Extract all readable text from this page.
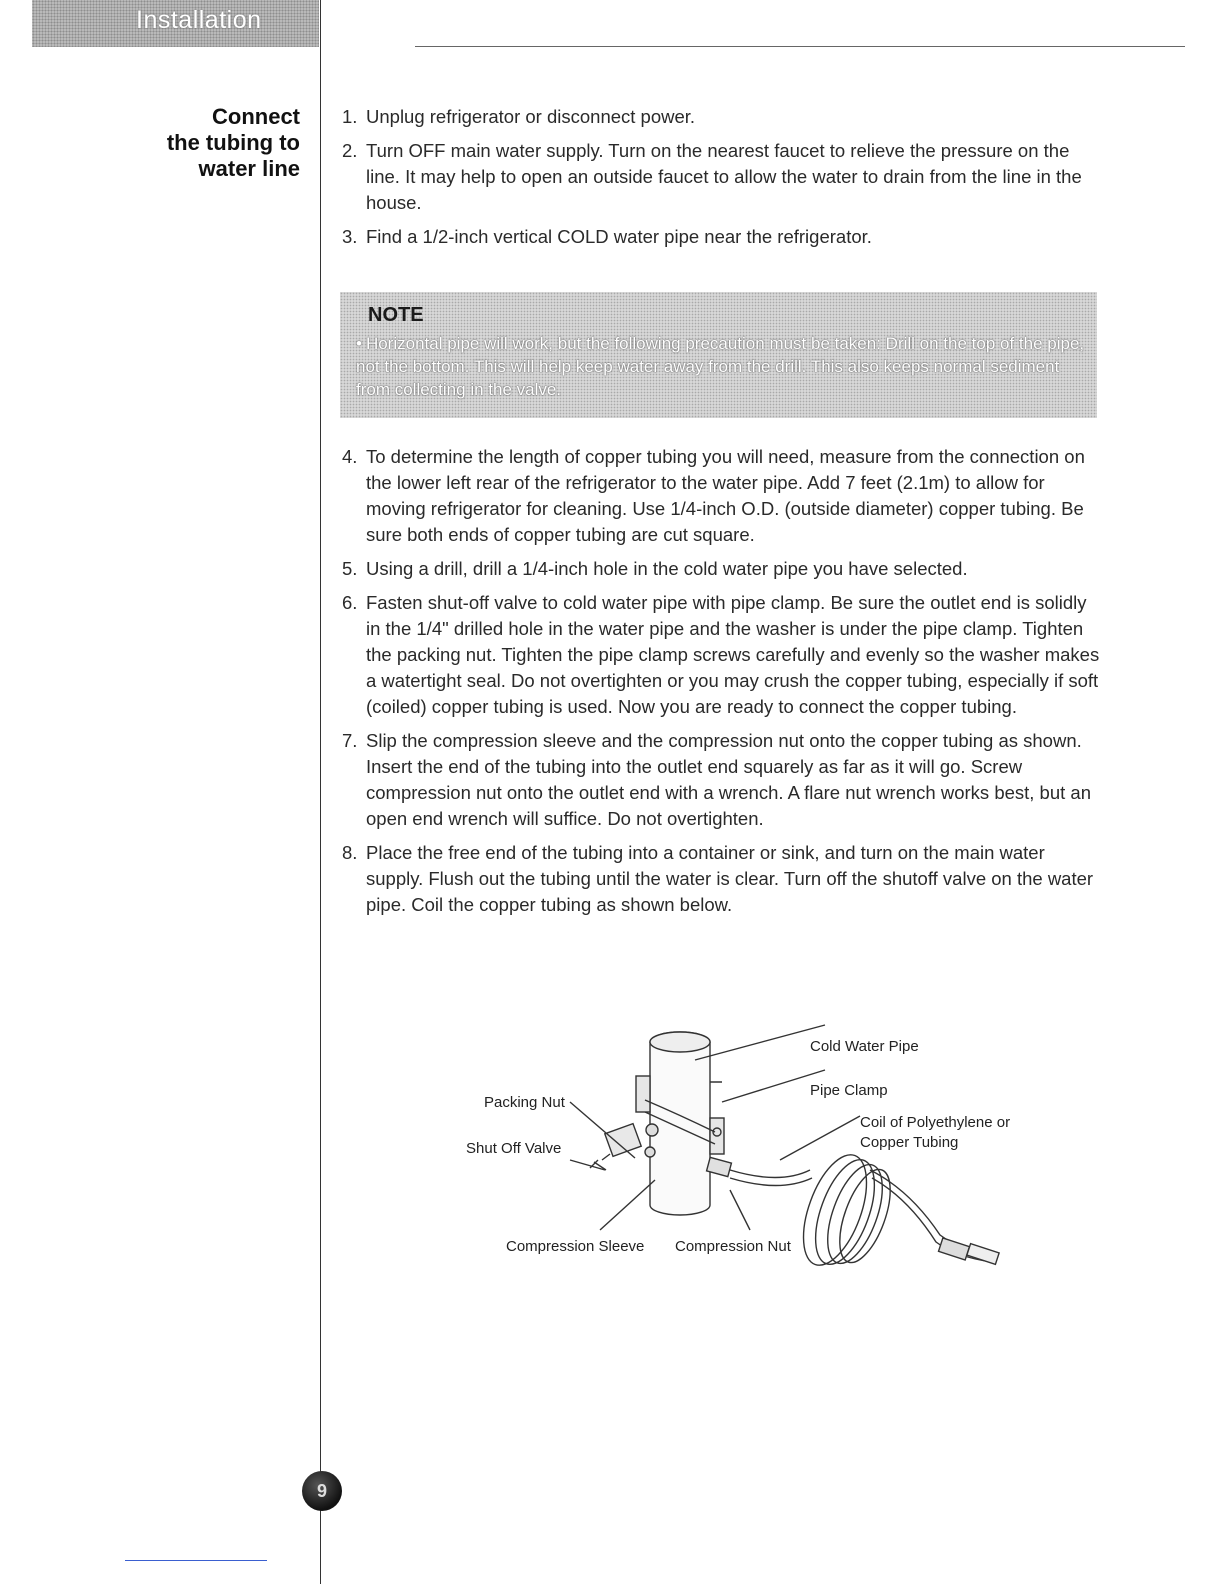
Installation
Connect
the tubing to
water line
1. Unplug refrigerator or disconnect power.
2. Turn OFF main water supply. Turn on the nearest faucet to relieve the pressure on the line. It may help to open an outside faucet to allow the water to drain from the line in the house.
3. Find a 1/2-inch vertical COLD water pipe near the refrigerator.
NOTE
• Horizontal pipe will work, but the following precaution must be taken: Drill on the top of the pipe, not the bottom. This will help keep water away from the drill. This also keeps normal sediment from collecting in the valve.
4. To determine the length of copper tubing you will need, measure from the connection on the lower left rear of the refrigerator to the water pipe. Add 7 feet (2.1m) to allow for moving refrigerator for cleaning. Use 1/4-inch O.D. (outside diameter) copper tubing. Be sure both ends of copper tubing are cut square.
5. Using a drill, drill a 1/4-inch hole in the cold water pipe you have selected.
6. Fasten shut-off valve to cold water pipe with pipe clamp. Be sure the outlet end is solidly in the 1/4" drilled hole in the water pipe and the washer is under the pipe clamp. Tighten the packing nut. Tighten the pipe clamp screws carefully and evenly so the washer makes a watertight seal. Do not overtighten or you may crush the copper tubing, especially if soft (coiled) copper tubing is used. Now you are ready to connect the copper tubing.
7. Slip the compression sleeve and the compression nut onto the copper tubing as shown. Insert the end of the tubing into the outlet end squarely as far as it will go. Screw compression nut onto the outlet end with a wrench. A flare nut wrench works best, but an open end wrench will suffice. Do not overtighten.
8. Place the free end of the tubing into a container or sink, and turn on the main water supply. Flush out the tubing until the water is clear. Turn off the shutoff valve on the water pipe. Coil the copper tubing as shown below.
Cold Water Pipe
Pipe Clamp
Coil of Polyethylene or
Copper Tubing
Packing Nut
Shut Off Valve
Compression Sleeve Compression Nut
9
